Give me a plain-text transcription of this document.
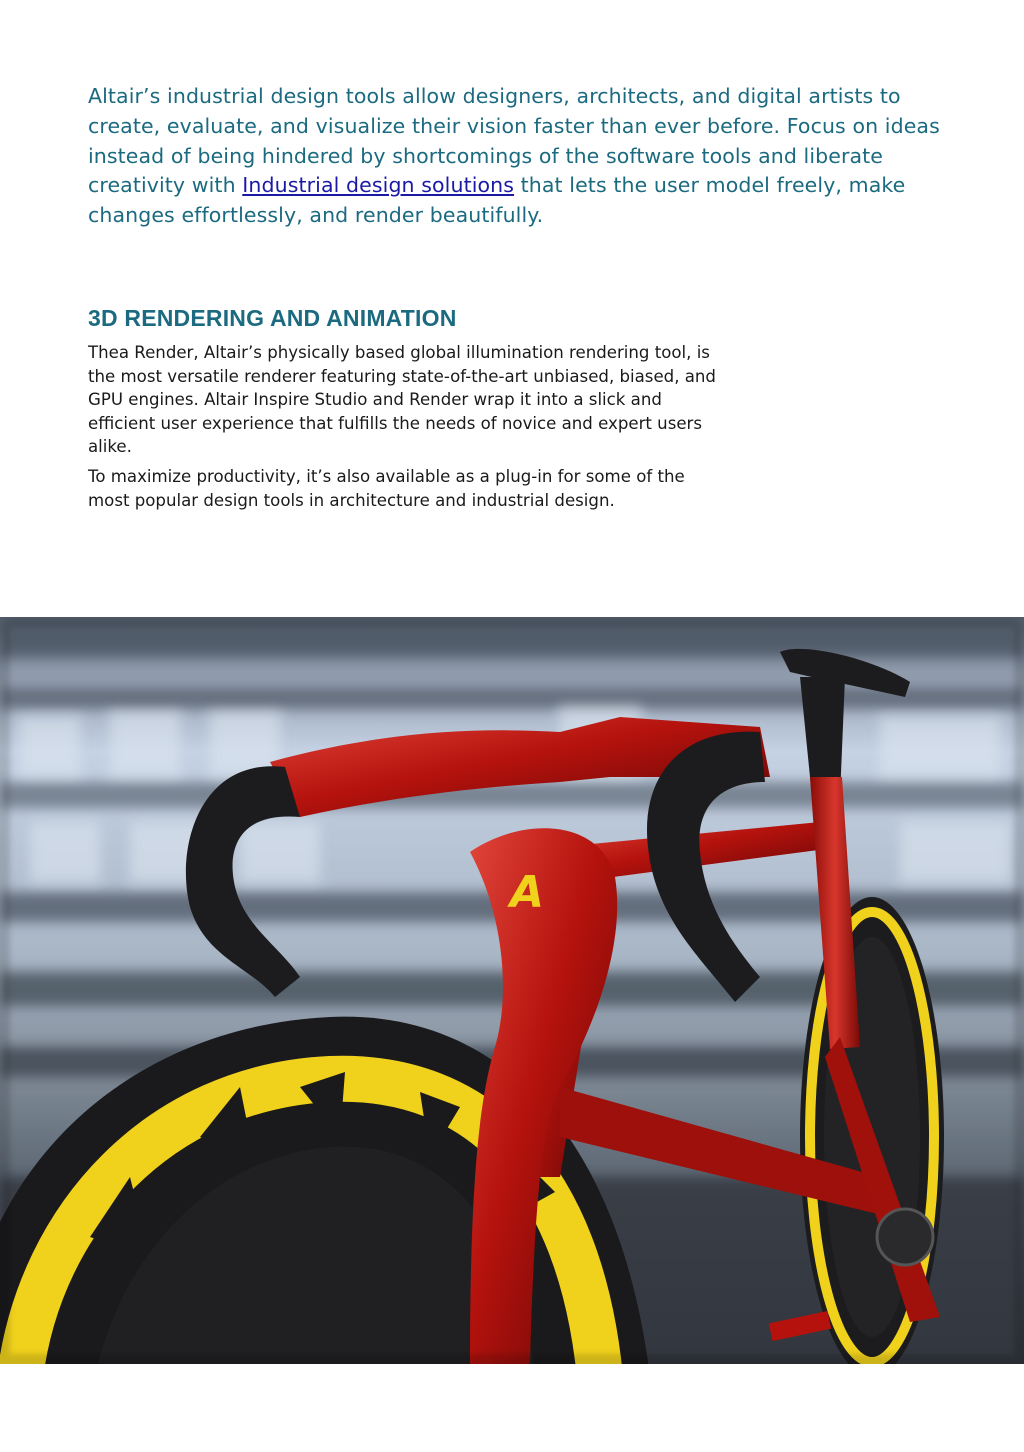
Altair’s industrial design tools allow designers, architects, and digital artists to create, evaluate, and visualize their vision faster than ever before. Focus on ideas instead of being hindered by shortcomings of the software tools and liberate creativity with Industrial design solutions that lets the user model freely, make changes effortlessly, and render beautifully.

3D RENDERING AND ANIMATION

Thea Render, Altair’s physically based global illumination rendering tool, is the most versatile renderer featuring state-of-the-art unbiased, biased, and GPU engines. Altair Inspire Studio and Render wrap it into a slick and efficient user experience that fulfills the needs of novice and expert users alike.

To maximize productivity, it’s also available as a plug-in for some of the most popular design tools in architecture and industrial design.

A
